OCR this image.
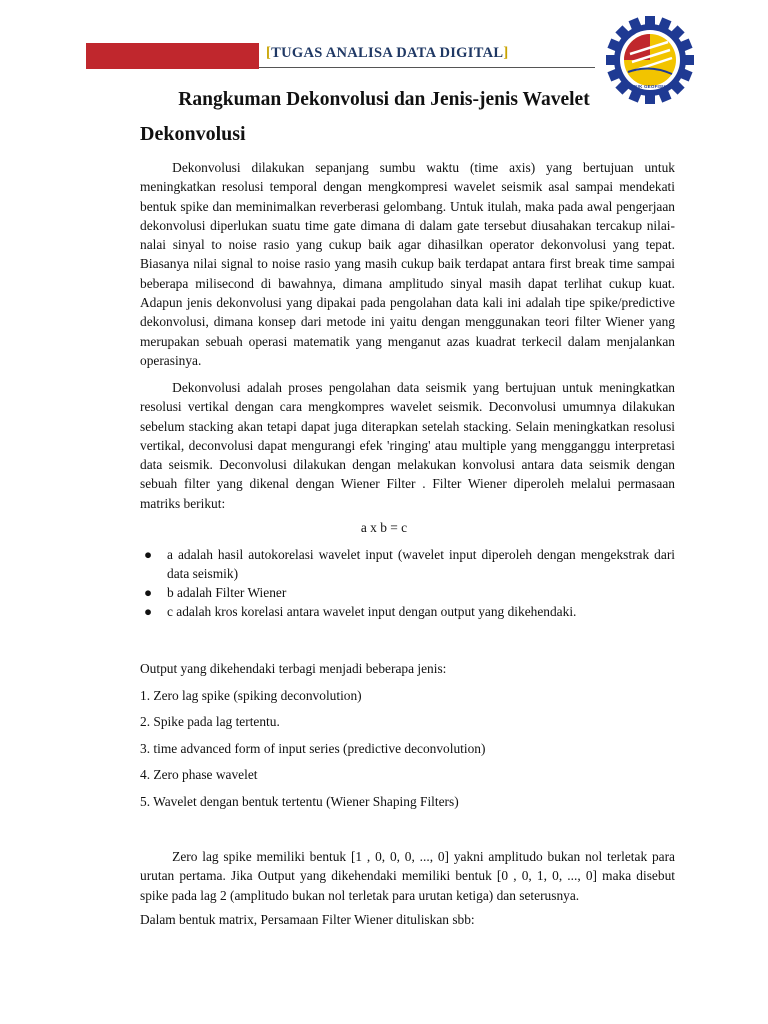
[TUGAS ANALISA DATA DIGITAL]
TEKNIK GEOFISIKA ITS
Rangkuman Dekonvolusi dan Jenis-jenis Wavelet
Dekonvolusi

Dekonvolusi dilakukan sepanjang sumbu waktu (time axis) yang bertujuan untuk meningkatkan resolusi temporal dengan mengkompresi wavelet seismik asal sampai mendekati bentuk spike dan meminimalkan reverberasi gelombang. Untuk itulah, maka pada awal pengerjaan dekonvolusi diperlukan suatu time gate dimana di dalam gate tersebut diusahakan tercakup nilai-nalai sinyal to noise rasio yang cukup baik agar dihasilkan operator dekonvolusi yang tepat. Biasanya nilai signal to noise rasio yang masih cukup baik terdapat antara first break time sampai beberapa milisecond di bawahnya, dimana amplitudo sinyal masih dapat terlihat cukup kuat. Adapun jenis dekonvolusi yang dipakai pada pengolahan data kali ini adalah tipe spike/predictive dekonvolusi, dimana konsep dari metode ini yaitu dengan menggunakan teori filter Wiener yang merupakan sebuah operasi matematik yang menganut azas kuadrat terkecil dalam menjalankan operasinya.

Dekonvolusi adalah proses pengolahan data seismik yang bertujuan untuk meningkatkan resolusi vertikal dengan cara mengkompres wavelet seismik. Deconvolusi umumnya dilakukan sebelum stacking akan tetapi dapat juga diterapkan setelah stacking. Selain meningkatkan resolusi vertikal, deconvolusi dapat mengurangi efek 'ringing' atau multiple yang mengganggu interpretasi data seismik. Deconvolusi dilakukan dengan melakukan konvolusi antara data seismik dengan sebuah filter yang dikenal dengan Wiener Filter . Filter Wiener diperoleh melalui permasaan matriks berikut:

a x b = c
● a adalah hasil autokorelasi wavelet input (wavelet input diperoleh dengan mengekstrak dari data seismik)
● b adalah Filter Wiener
● c adalah kros korelasi antara wavelet input dengan output yang dikehendaki.
Output yang dikehendaki terbagi menjadi beberapa jenis:
1. Zero lag spike (spiking deconvolution)
2. Spike pada lag tertentu.
3. time advanced form of input series (predictive deconvolution)
4. Zero phase wavelet
5. Wavelet dengan bentuk tertentu (Wiener Shaping Filters)

Zero lag spike memiliki bentuk [1 , 0, 0, 0, ..., 0] yakni amplitudo bukan nol terletak para urutan pertama. Jika Output yang dikehendaki memiliki bentuk [0 , 0, 1, 0, ..., 0] maka disebut spike pada lag 2 (amplitudo bukan nol terletak para urutan ketiga) dan seterusnya.

Dalam bentuk matrix, Persamaan Filter Wiener dituliskan sbb:
